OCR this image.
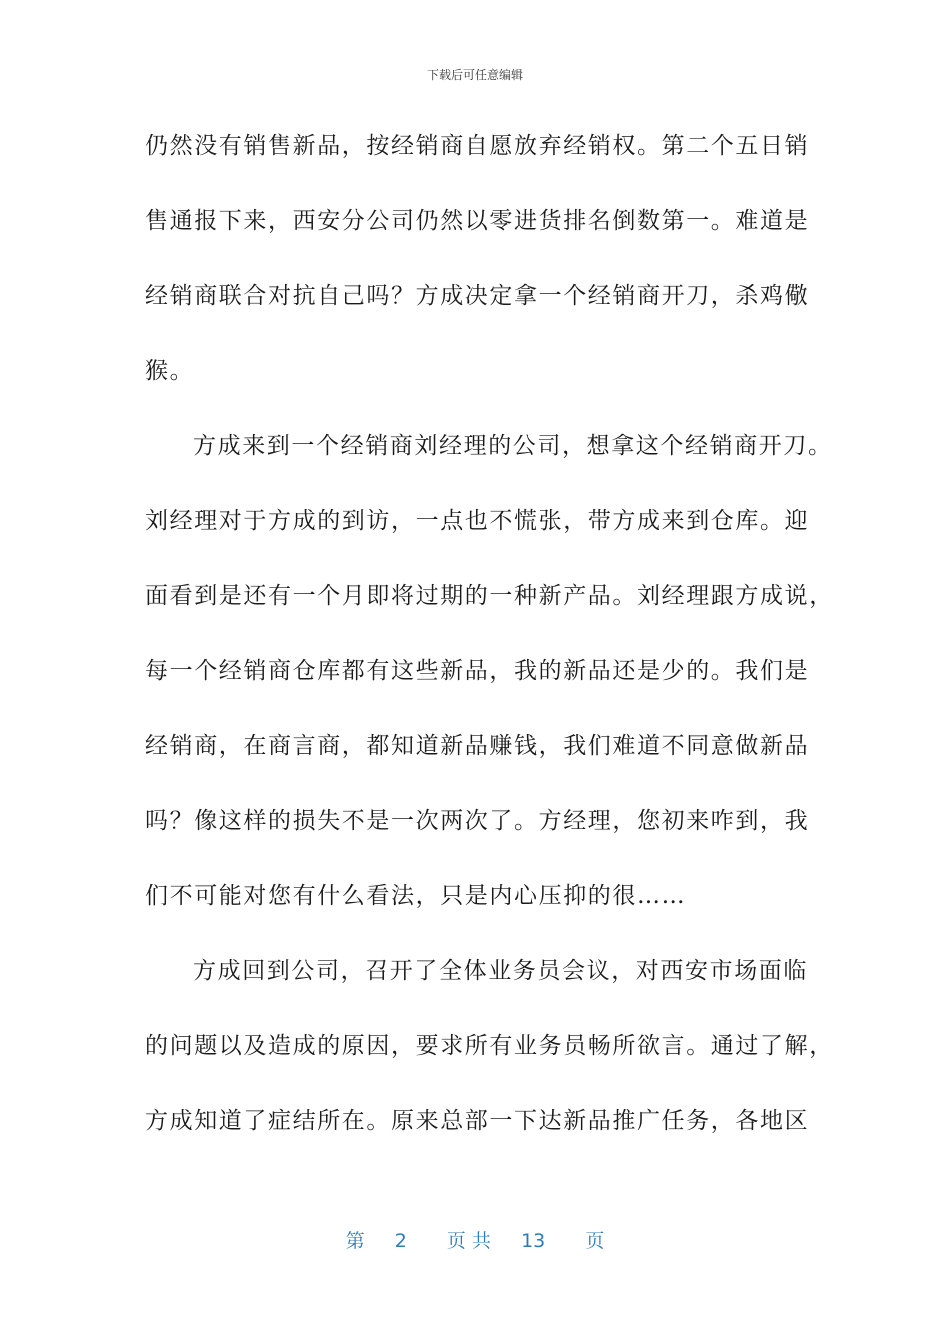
下载后可任意编辑
仍然没有销售新品，按经销商自愿放弃经销权。第二个五日销
售通报下来，西安分公司仍然以零进货排名倒数第一。难道是
经销商联合对抗自己吗？方成决定拿一个经销商开刀，杀鸡儆
猴。
方成来到一个经销商刘经理的公司，想拿这个经销商开刀。
刘经理对于方成的到访，一点也不慌张，带方成来到仓库。迎
面看到是还有一个月即将过期的一种新产品。刘经理跟方成说，
每一个经销商仓库都有这些新品，我的新品还是少的。我们是
经销商，在商言商，都知道新品赚钱，我们难道不同意做新品
吗？像这样的损失不是一次两次了。方经理，您初来咋到，我
们不可能对您有什么看法，只是内心压抑的很……
方成回到公司，召开了全体业务员会议，对西安市场面临
的问题以及造成的原因，要求所有业务员畅所欲言。通过了解，
方成知道了症结所在。原来总部一下达新品推广任务，各地区
第 2 页 共 13 页
